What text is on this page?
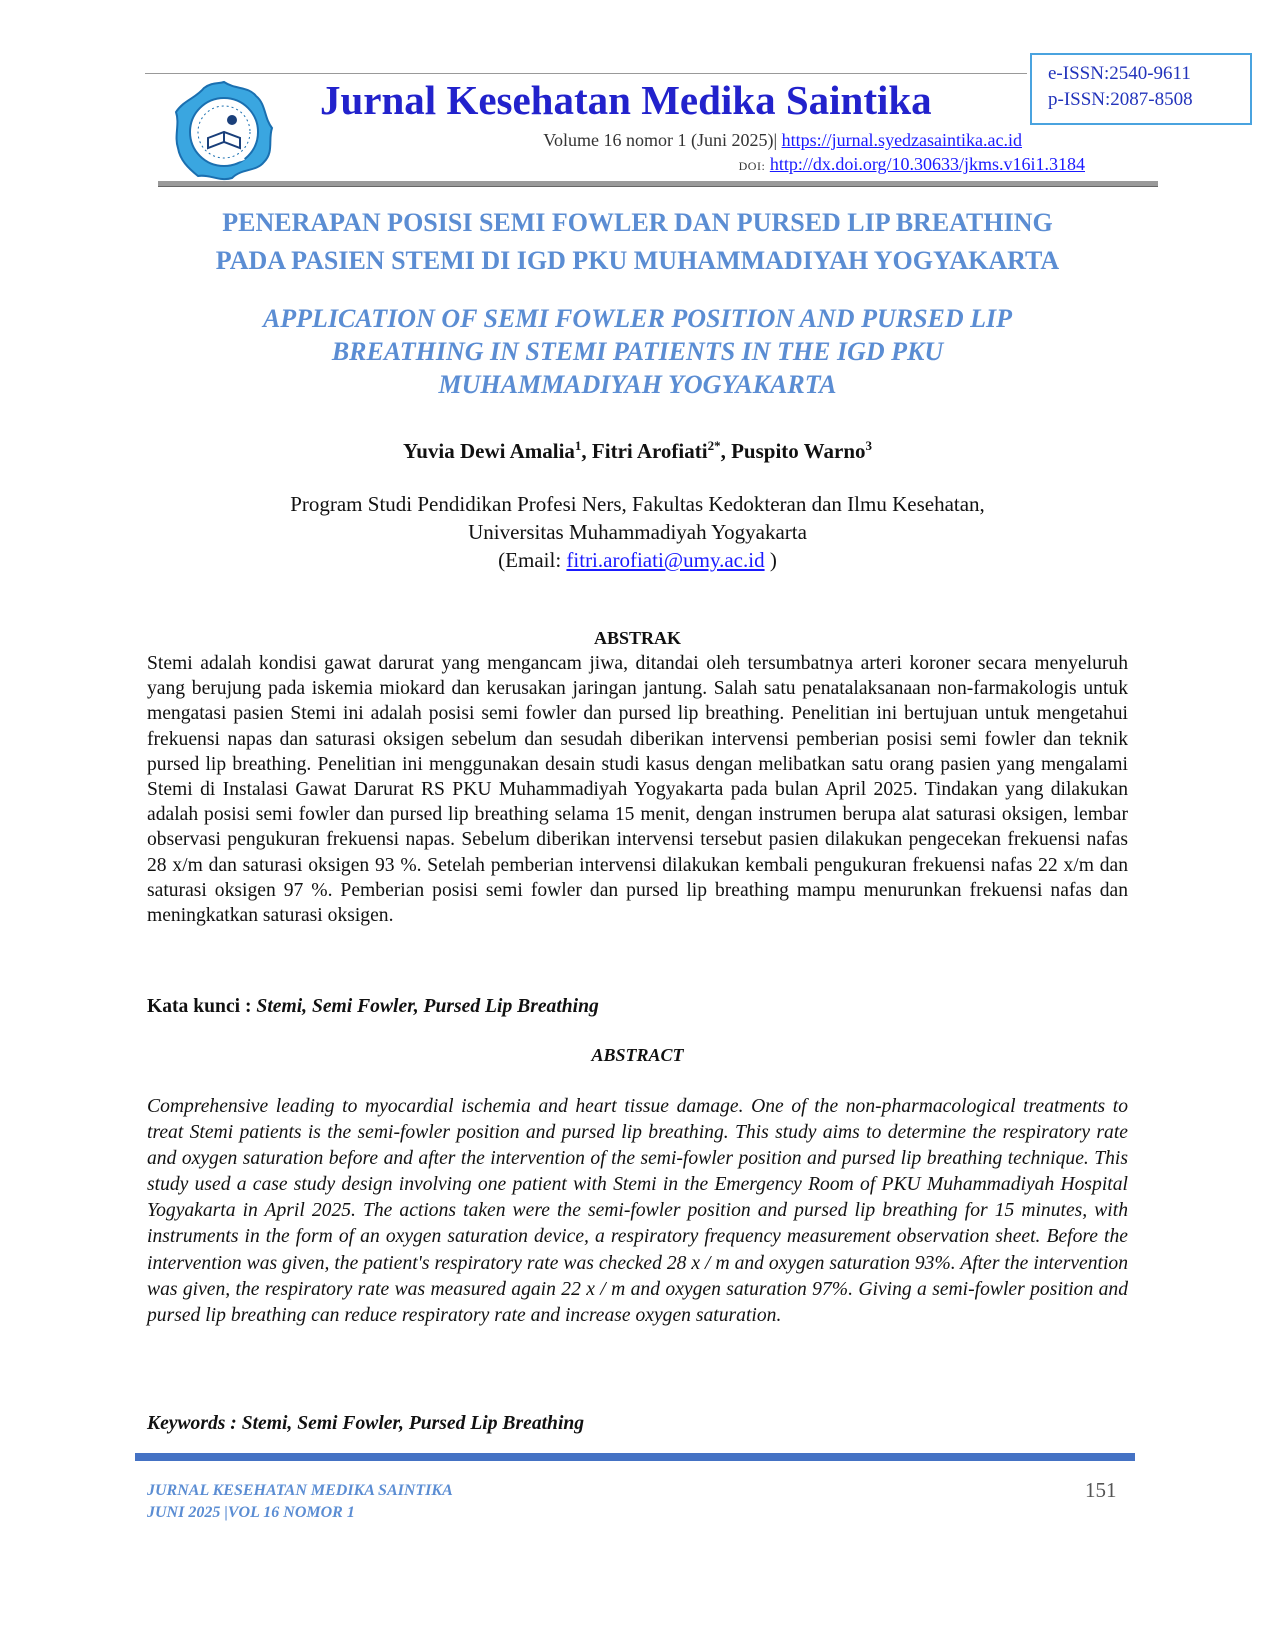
Jurnal Kesehatan Medika Saintika
Volume 16 nomor 1 (Juni 2025)| https://jurnal.syedzasaintika.ac.id
DOI: http://dx.doi.org/10.30633/jkms.v16i1.3184
e-ISSN:2540-9611
p-ISSN:2087-8508
PENERAPAN POSISI SEMI FOWLER DAN PURSED LIP BREATHING
PADA PASIEN STEMI DI IGD PKU MUHAMMADIYAH YOGYAKARTA
APPLICATION OF SEMI FOWLER POSITION AND PURSED LIP
BREATHING IN STEMI PATIENTS IN THE IGD PKU
MUHAMMADIYAH YOGYAKARTA
Yuvia Dewi Amalia$^1$, Fitri Arofiati$^{2*}$, Puspito Warno$^3$
Program Studi Pendidikan Profesi Ners, Fakultas Kedokteran dan Ilmu Kesehatan,
Universitas Muhammadiyah Yogyakarta
(Email: fitri.arofiati@umy.ac.id )
ABSTRAK
Stemi adalah kondisi gawat darurat yang mengancam jiwa, ditandai oleh tersumbatnya arteri koroner secara menyeluruh yang berujung pada iskemia miokard dan kerusakan jaringan jantung. Salah satu penatalaksanaan non-farmakologis untuk mengatasi pasien Stemi ini adalah posisi semi fowler dan pursed lip breathing. Penelitian ini bertujuan untuk mengetahui frekuensi napas dan saturasi oksigen sebelum dan sesudah diberikan intervensi pemberian posisi semi fowler dan teknik pursed lip breathing. Penelitian ini menggunakan desain studi kasus dengan melibatkan satu orang pasien yang mengalami Stemi di Instalasi Gawat Darurat RS PKU Muhammadiyah Yogyakarta pada bulan April 2025. Tindakan yang dilakukan adalah posisi semi fowler dan pursed lip breathing selama 15 menit, dengan instrumen berupa alat saturasi oksigen, lembar observasi pengukuran frekuensi napas. Sebelum diberikan intervensi tersebut pasien dilakukan pengecekan frekuensi nafas 28 x/m dan saturasi oksigen 93 %. Setelah pemberian intervensi dilakukan kembali pengukuran frekuensi nafas 22 x/m dan saturasi oksigen 97 %. Pemberian posisi semi fowler dan pursed lip breathing mampu menurunkan frekuensi nafas dan meningkatkan saturasi oksigen.
Kata kunci : Stemi, Semi Fowler, Pursed Lip Breathing
ABSTRACT
Comprehensive leading to myocardial ischemia and heart tissue damage. One of the non-pharmacological treatments to treat Stemi patients is the semi-fowler position and pursed lip breathing. This study aims to determine the respiratory rate and oxygen saturation before and after the intervention of the semi-fowler position and pursed lip breathing technique. This study used a case study design involving one patient with Stemi in the Emergency Room of PKU Muhammadiyah Hospital Yogyakarta in April 2025. The actions taken were the semi-fowler position and pursed lip breathing for 15 minutes, with instruments in the form of an oxygen saturation device, a respiratory frequency measurement observation sheet. Before the intervention was given, the patient's respiratory rate was checked 28 x / m and oxygen saturation 93%. After the intervention was given, the respiratory rate was measured again 22 x / m and oxygen saturation 97%. Giving a semi-fowler position and pursed lip breathing can reduce respiratory rate and increase oxygen saturation.
Keywords : Stemi, Semi Fowler, Pursed Lip Breathing
JURNAL KESEHATAN MEDIKA SAINTIKA
JUNI 2025 |VOL 16 NOMOR 1
151
